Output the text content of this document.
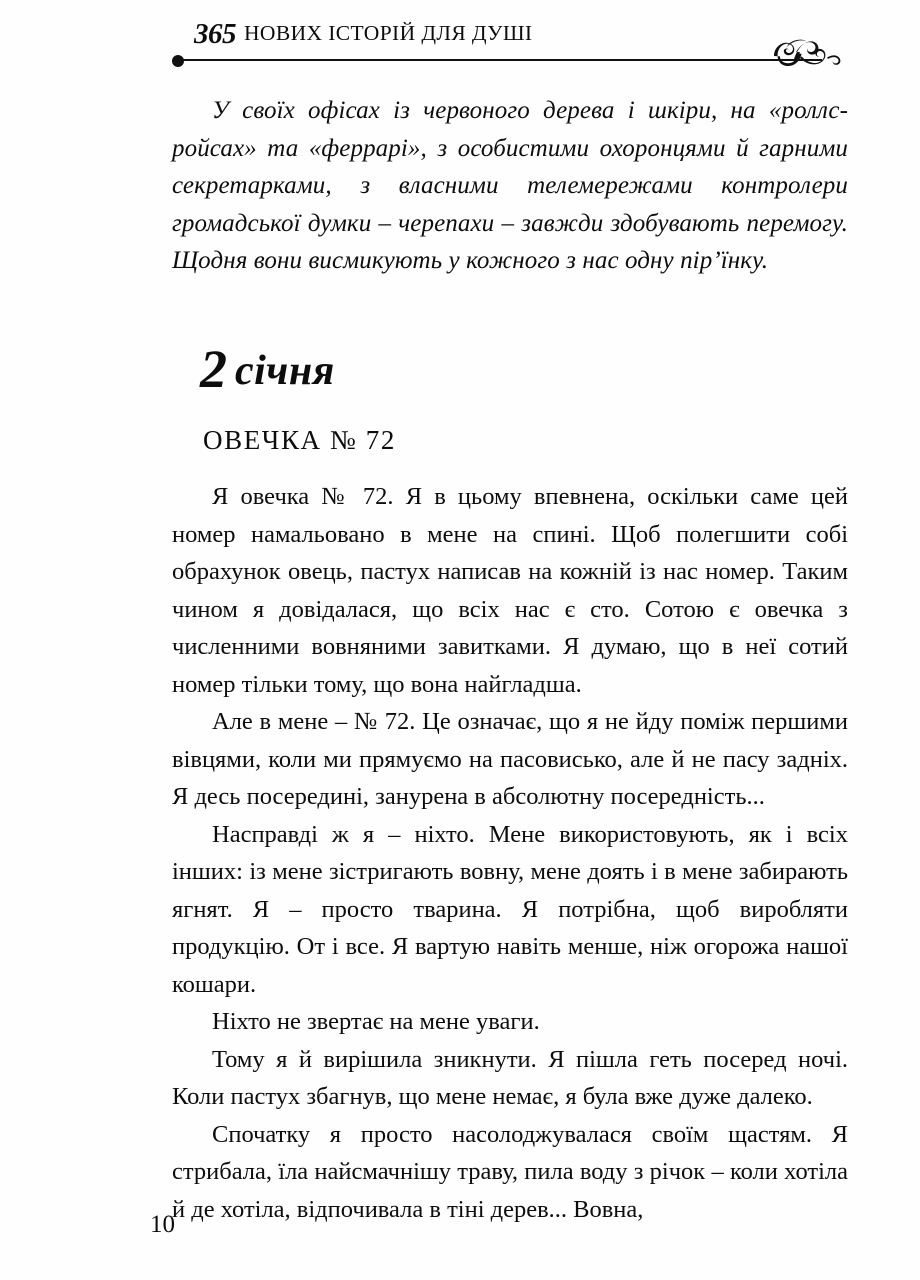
365 НОВИХ ІСТОРІЙ ДЛЯ ДУШІ

У своїх офісах із червоного дерева і шкіри, на «роллс-ройсах» та «феррарі», з особистими охоронцями й гарними секретарками, з власними телемережами контролери громадської думки – черепахи – завжди здобувають перемогу. Щодня вони висмикують у кожного з нас одну пір’їнку.

2 січня
ОВЕЧКА № 72

Я овечка № 72. Я в цьому впевнена, оскільки саме цей номер намальовано в мене на спині. Щоб полегшити собі обрахунок овець, пастух написав на кожній із нас номер. Таким чином я довідалася, що всіх нас є сто. Сотою є овечка з численними вовняними завитками. Я думаю, що в неї сотий номер тільки тому, що вона найгладша.

Але в мене – № 72. Це означає, що я не йду поміж першими вівцями, коли ми прямуємо на пасовисько, але й не пасу задніх. Я десь посередині, занурена в абсолютну посередність...

Насправді ж я – ніхто. Мене використовують, як і всіх інших: із мене зістригають вовну, мене доять і в мене забирають ягнят. Я – просто тварина. Я потрібна, щоб виробляти продукцію. От і все. Я вартую навіть менше, ніж огорожа нашої кошари.

Ніхто не звертає на мене уваги.

Тому я й вирішила зникнути. Я пішла геть посеред ночі. Коли пастух збагнув, що мене немає, я була вже дуже далеко.

Спочатку я просто насолоджувалася своїм щастям. Я стрибала, їла найсмачнішу траву, пила воду з річок – коли хотіла й де хотіла, відпочивала в тіні дерев... Вовна,

10
